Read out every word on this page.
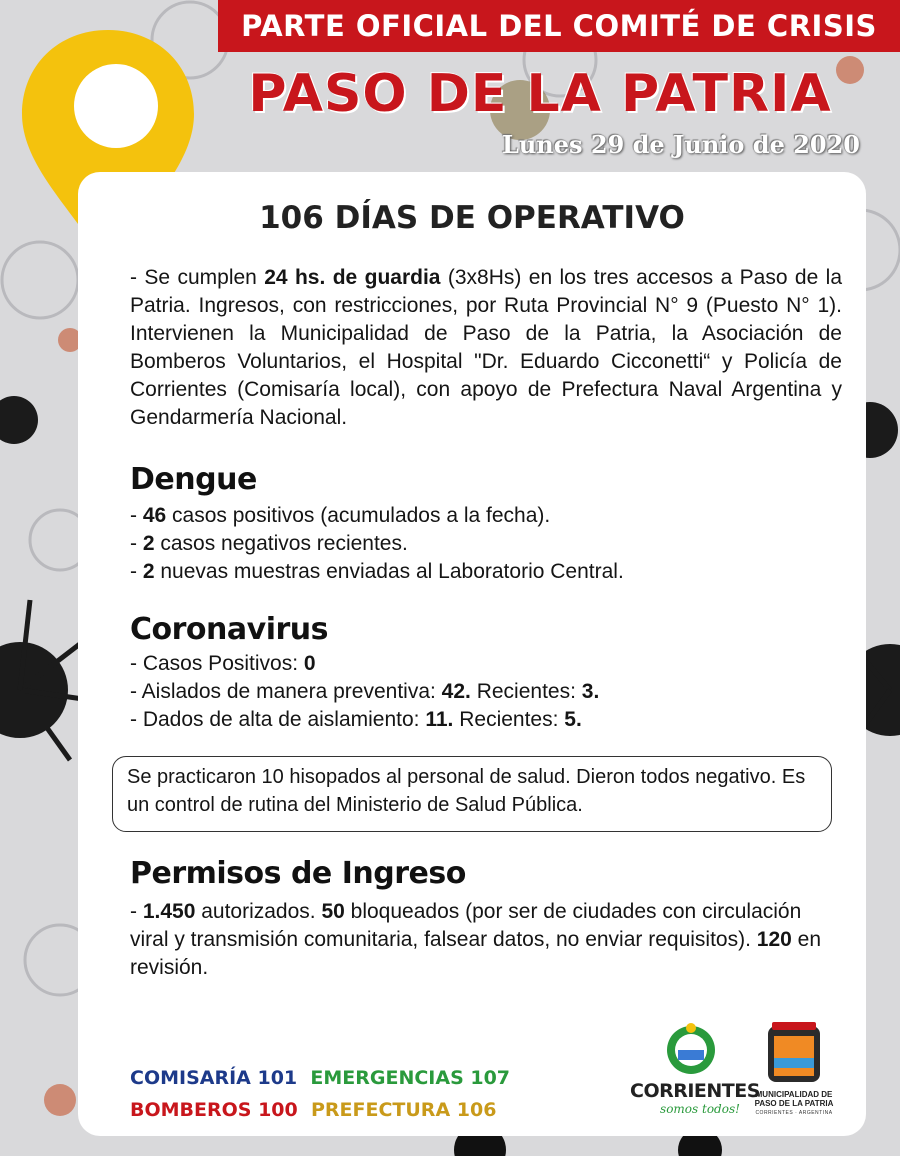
PARTE OFICIAL DEL COMITÉ DE CRISIS
PASO DE LA PATRIA
Lunes 29 de Junio de 2020
106 DÍAS DE OPERATIVO
- Se cumplen 24 hs. de guardia (3x8Hs) en los tres accesos a Paso de la Patria. Ingresos, con restricciones, por Ruta Provincial N° 9 (Puesto N° 1). Intervienen la Municipalidad de Paso de la Patria, la Asociación de Bomberos Voluntarios, el Hospital "Dr. Eduardo Cicconetti“ y Policía de Corrientes (Comisaría local), con apoyo de Prefectura Naval Argentina y Gendarmería Nacional.
Dengue
- 46 casos positivos (acumulados a la fecha).
- 2 casos negativos recientes.
- 2 nuevas muestras enviadas al Laboratorio Central.
Coronavirus
- Casos Positivos: 0
- Aislados de manera preventiva: 42. Recientes: 3.
- Dados de alta de aislamiento: 11. Recientes: 5.
Se practicaron 10 hisopados al personal de salud. Dieron todos negativo. Es un control de rutina del Ministerio de Salud Pública.
Permisos de Ingreso
- 1.450 autorizados. 50 bloqueados (por ser de ciudades con circulación viral y transmisión comunitaria, falsear datos, no enviar requisitos). 120 en revisión.
COMISARÍA 101 EMERGENCIAS 107
BOMBEROS 100 PREFECTURA 106
CORRIENTES
somos todos!
MUNICIPALIDAD DE PASO DE LA PATRIA
CORRIENTES · ARGENTINA
